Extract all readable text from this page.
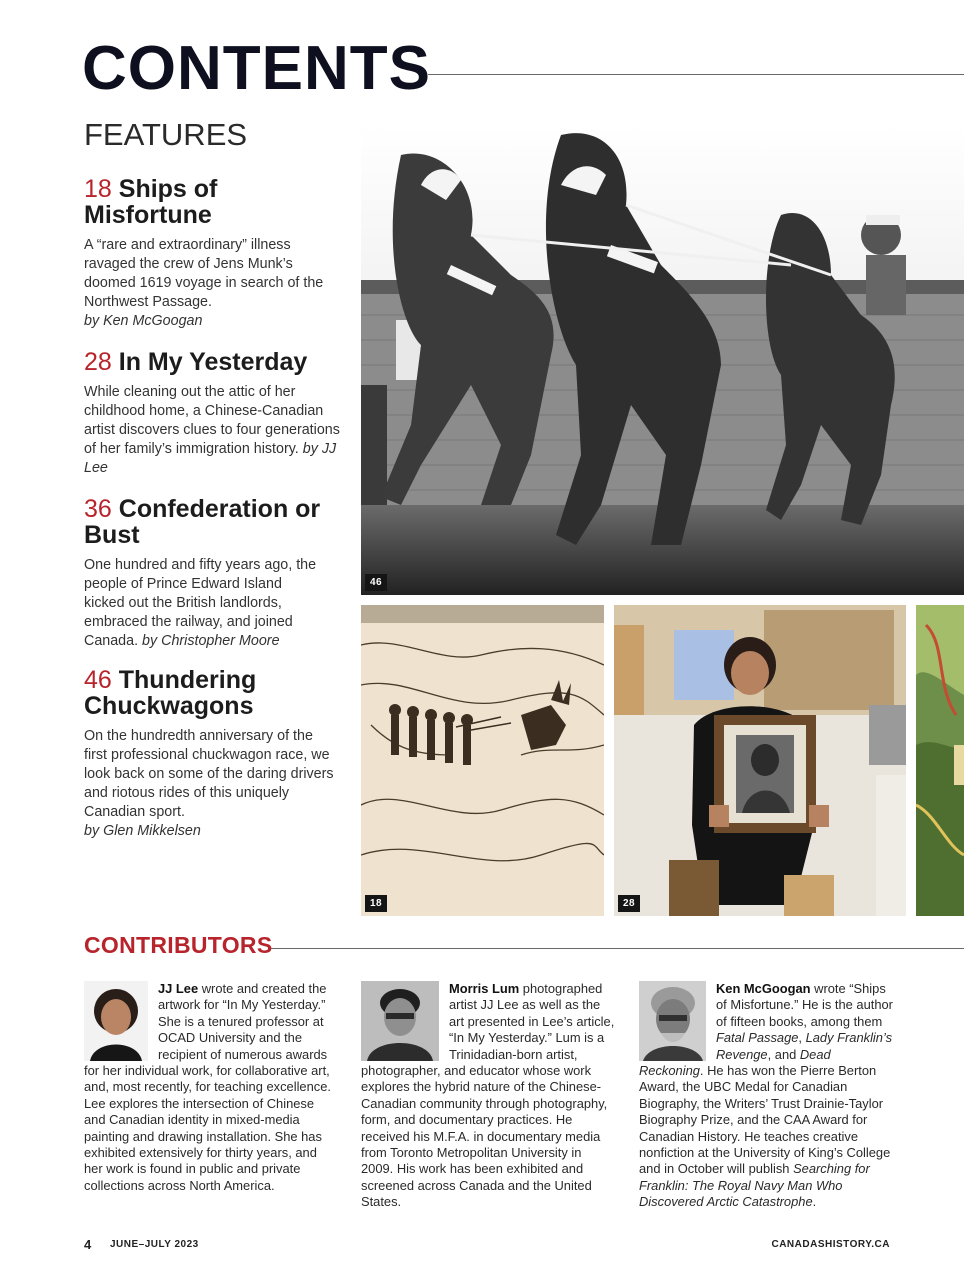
CONTENTS
FEATURES
18 Ships of Misfortune

A “rare and extraordinary” illness ravaged the crew of Jens Munk’s doomed 1619 voyage in search of the Northwest Passage.
by Ken McGoogan

28 In My Yesterday

While cleaning out the attic of her childhood home, a Chinese-Canadian artist discovers clues to four generations of her family’s immigration history. by JJ Lee

36 Confederation or Bust

One hundred and fifty years ago, the people of Prince Edward Island kicked out the British landlords, embraced the railway, and joined Canada. by Christopher Moore

46 Thundering Chuckwagons

On the hundredth anniversary of the first professional chuckwagon race, we look back on some of the daring drivers and riotous rides of this uniquely Canadian sport.
by Glen Mikkelsen

46
18	28
CONTRIBUTORS
JJ Lee wrote and created the artwork for “In My Yesterday.” She is a tenured professor at OCAD University and the recipient of numerous awards for her individual work, for collaborative art, and, most recently, for teaching excellence. Lee explores the intersection of Chinese and Canadian identity in mixed-media painting and drawing installation. She has exhibited extensively for thirty years, and her work is found in public and private collections across North America.
Morris Lum photographed artist JJ Lee as well as the art presented in Lee’s article, “In My Yesterday.” Lum is a Trinidadian-born artist, photographer, and educator whose work explores the hybrid nature of the Chinese-Canadian community through photography, form, and documentary practices. He received his M.F.A. in documentary media from Toronto Metropolitan University in 2009. His work has been exhibited and screened across Canada and the United States.
Ken McGoogan wrote “Ships of Misfortune.” He is the author of fifteen books, among them Fatal Passage, Lady Franklin’s Revenge, and Dead Reckoning. He has won the Pierre Berton Award, the UBC Medal for Canadian Biography, the Writers’ Trust Drainie-Taylor Biography Prize, and the CAA Award for Canadian History. He teaches creative nonfiction at the University of King’s College and in October will publish Searching for Franklin: The Royal Navy Man Who Discovered Arctic Catastrophe.
4 JUNE–JULY 2023	CANADASHISTORY.CA
